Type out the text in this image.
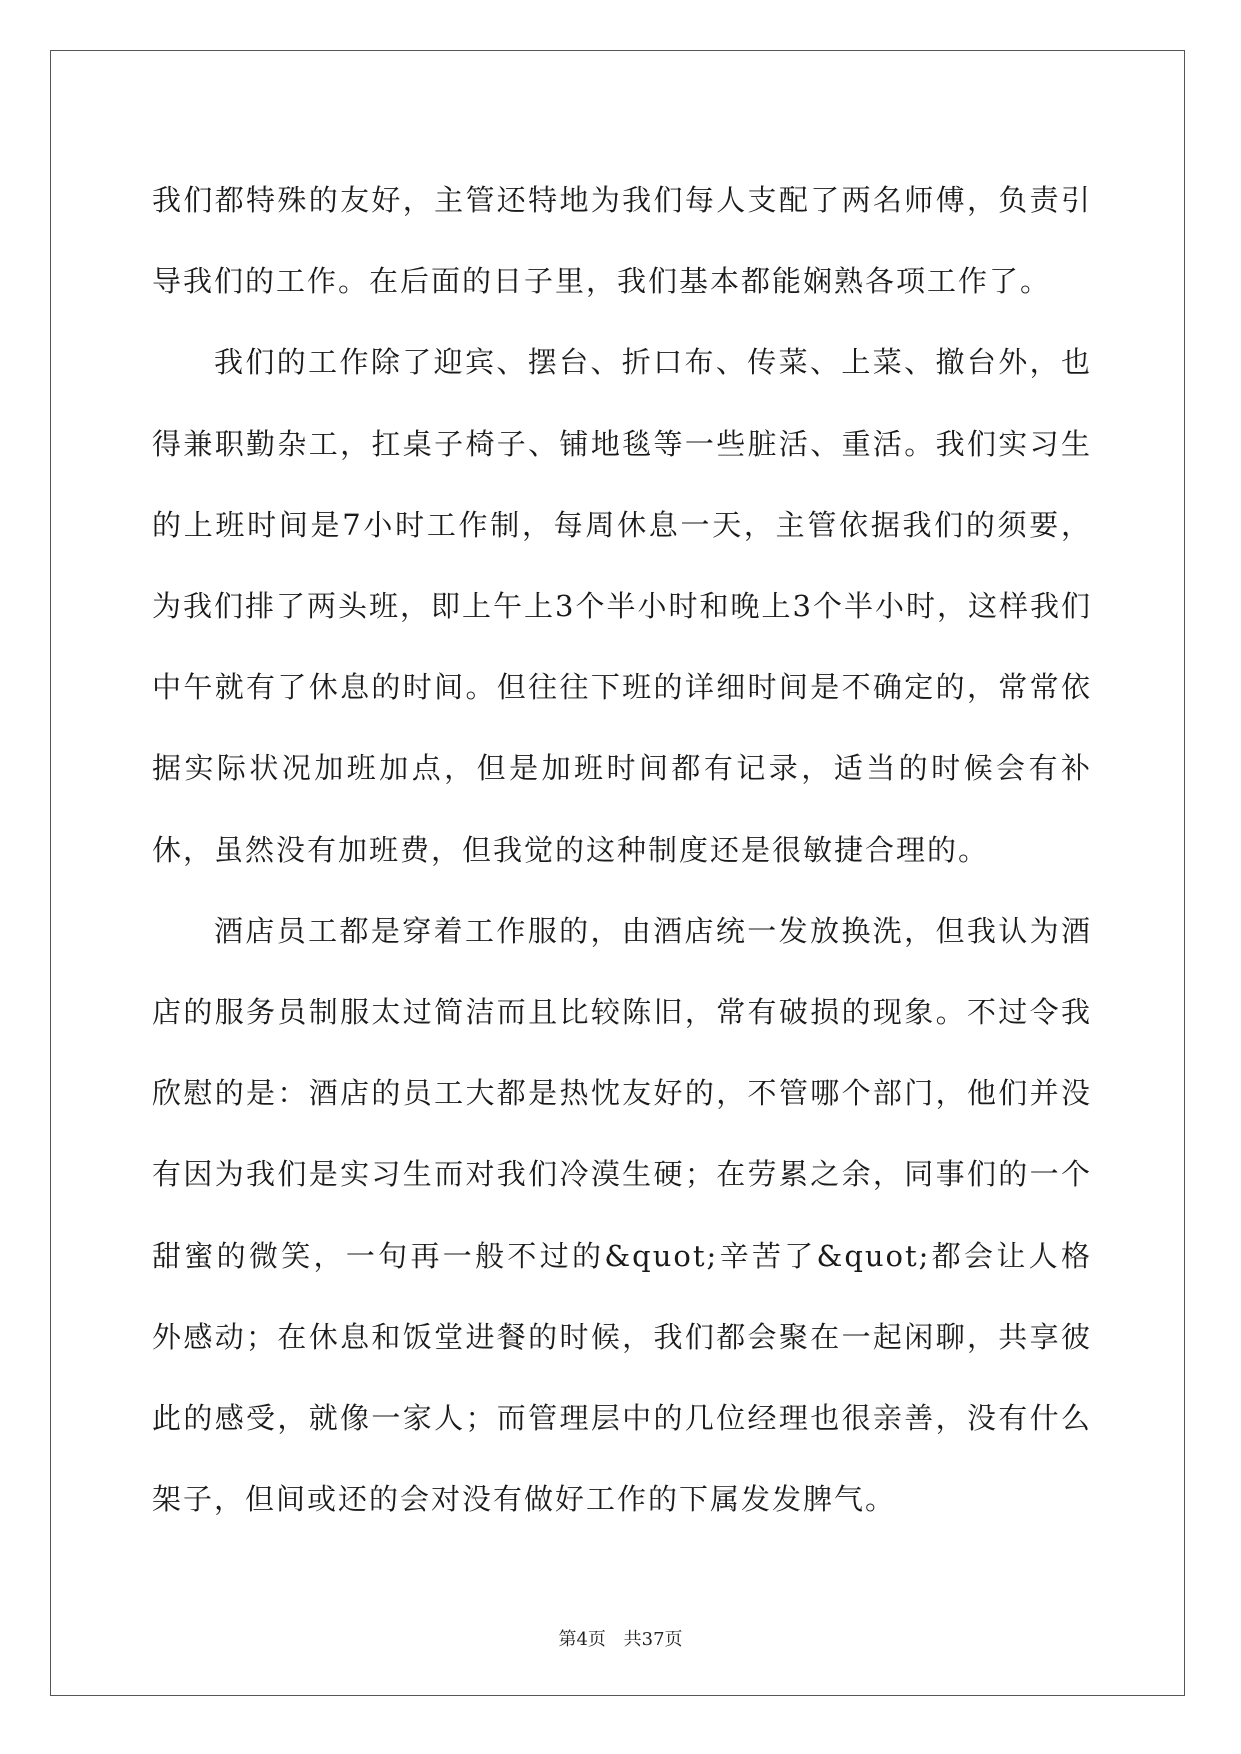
我们都特殊的友好，主管还特地为我们每人支配了两名师傅，负责引导我们的工作。在后面的日子里，我们基本都能娴熟各项工作了。

我们的工作除了迎宾、摆台、折口布、传菜、上菜、撤台外，也得兼职勤杂工，扛桌子椅子、铺地毯等一些脏活、重活。我们实习生的上班时间是7小时工作制，每周休息一天，主管依据我们的须要，为我们排了两头班，即上午上3个半小时和晚上3个半小时，这样我们中午就有了休息的时间。但往往下班的详细时间是不确定的，常常依据实际状况加班加点，但是加班时间都有记录，适当的时候会有补休，虽然没有加班费，但我觉的这种制度还是很敏捷合理的。

酒店员工都是穿着工作服的，由酒店统一发放换洗，但我认为酒店的服务员制服太过简洁而且比较陈旧，常有破损的现象。不过令我欣慰的是：酒店的员工大都是热忱友好的，不管哪个部门，他们并没有因为我们是实习生而对我们冷漠生硬；在劳累之余，同事们的一个甜蜜的微笑，一句再一般不过的&quot;辛苦了&quot;都会让人格外感动；在休息和饭堂进餐的时候，我们都会聚在一起闲聊，共享彼此的感受，就像一家人；而管理层中的几位经理也很亲善，没有什么架子，但间或还的会对没有做好工作的下属发发脾气。

第4页 共37页
